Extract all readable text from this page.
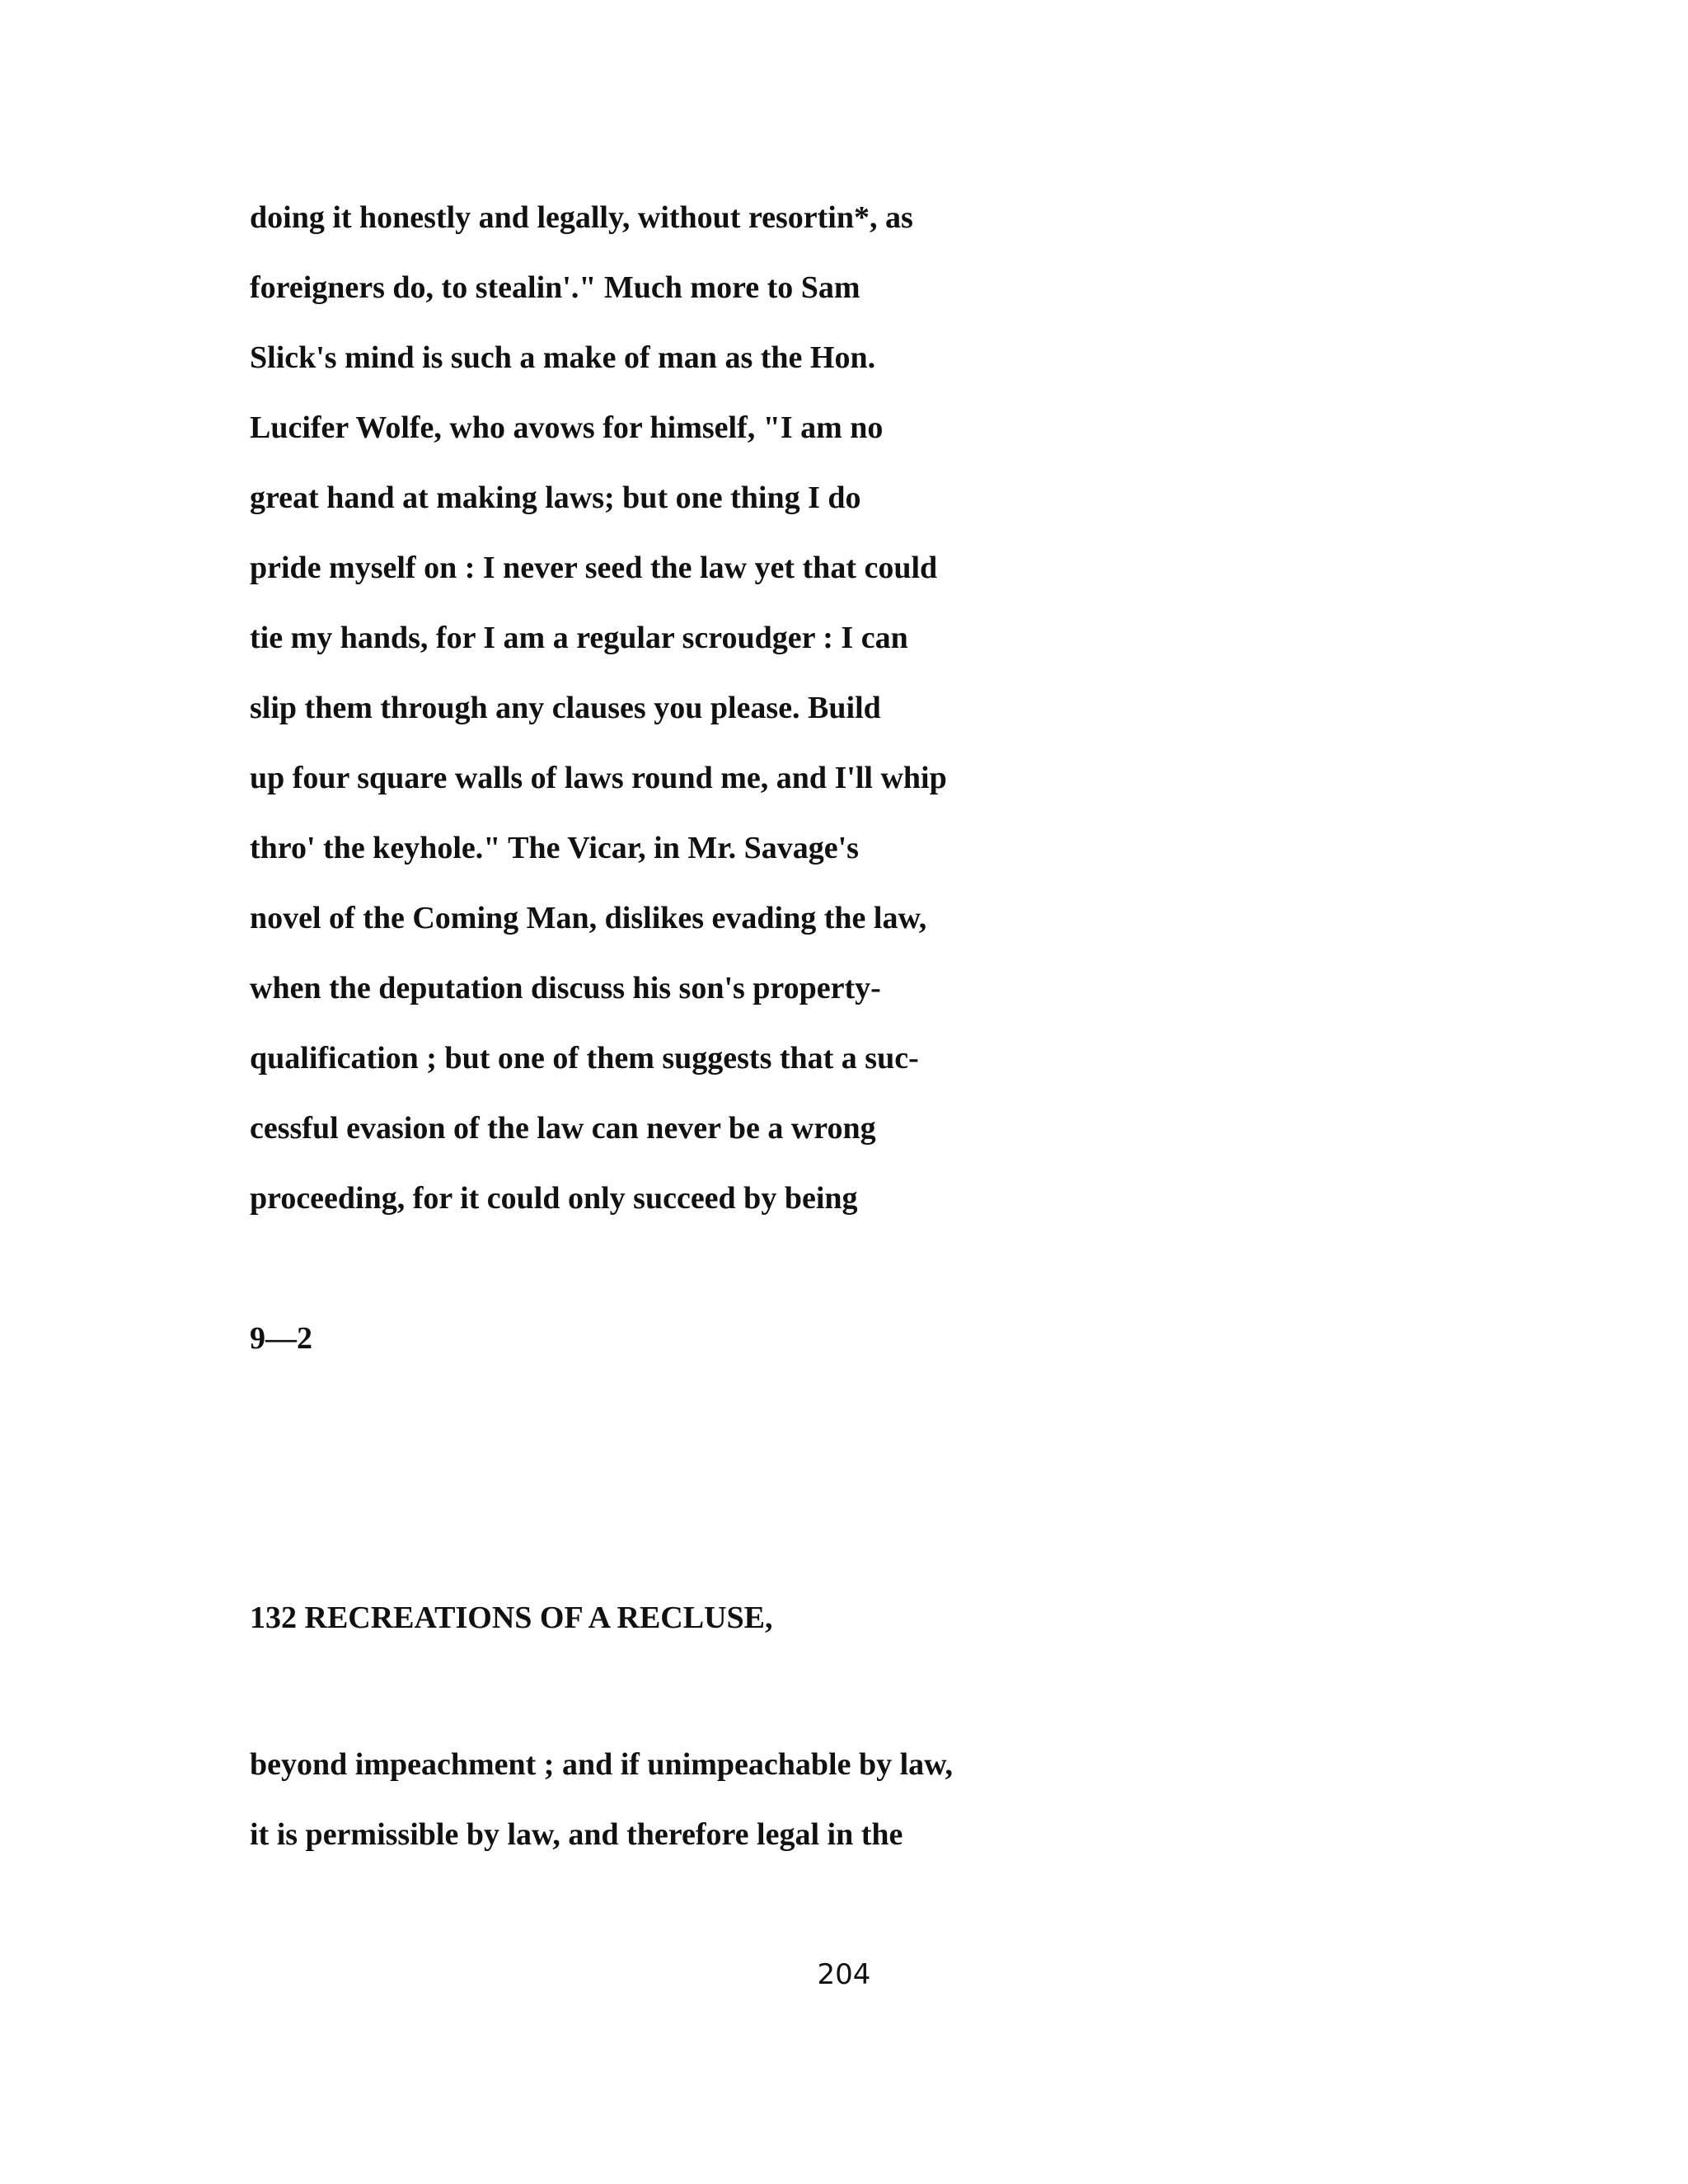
doing it honestly and legally, without resortin*, as

foreigners do, to stealin'." Much more to Sam

Slick's mind is such a make of man as the Hon.

Lucifer Wolfe, who avows for himself, "I am no

great hand at making laws; but one thing I do

pride myself on : I never seed the law yet that could

tie my hands, for I am a regular scroudger : I can

slip them through any clauses you please. Build

up four square walls of laws round me, and I'll whip

thro' the keyhole." The Vicar, in Mr. Savage's

novel of the Coming Man, dislikes evading the law,

when the deputation discuss his son's property-

qualification ; but one of them suggests that a suc-

cessful evasion of the law can never be a wrong

proceeding, for it could only succeed by being

9—2

132 RECREATIONS OF A RECLUSE,

beyond impeachment ; and if unimpeachable by law,

it is permissible by law, and therefore legal in the

204
